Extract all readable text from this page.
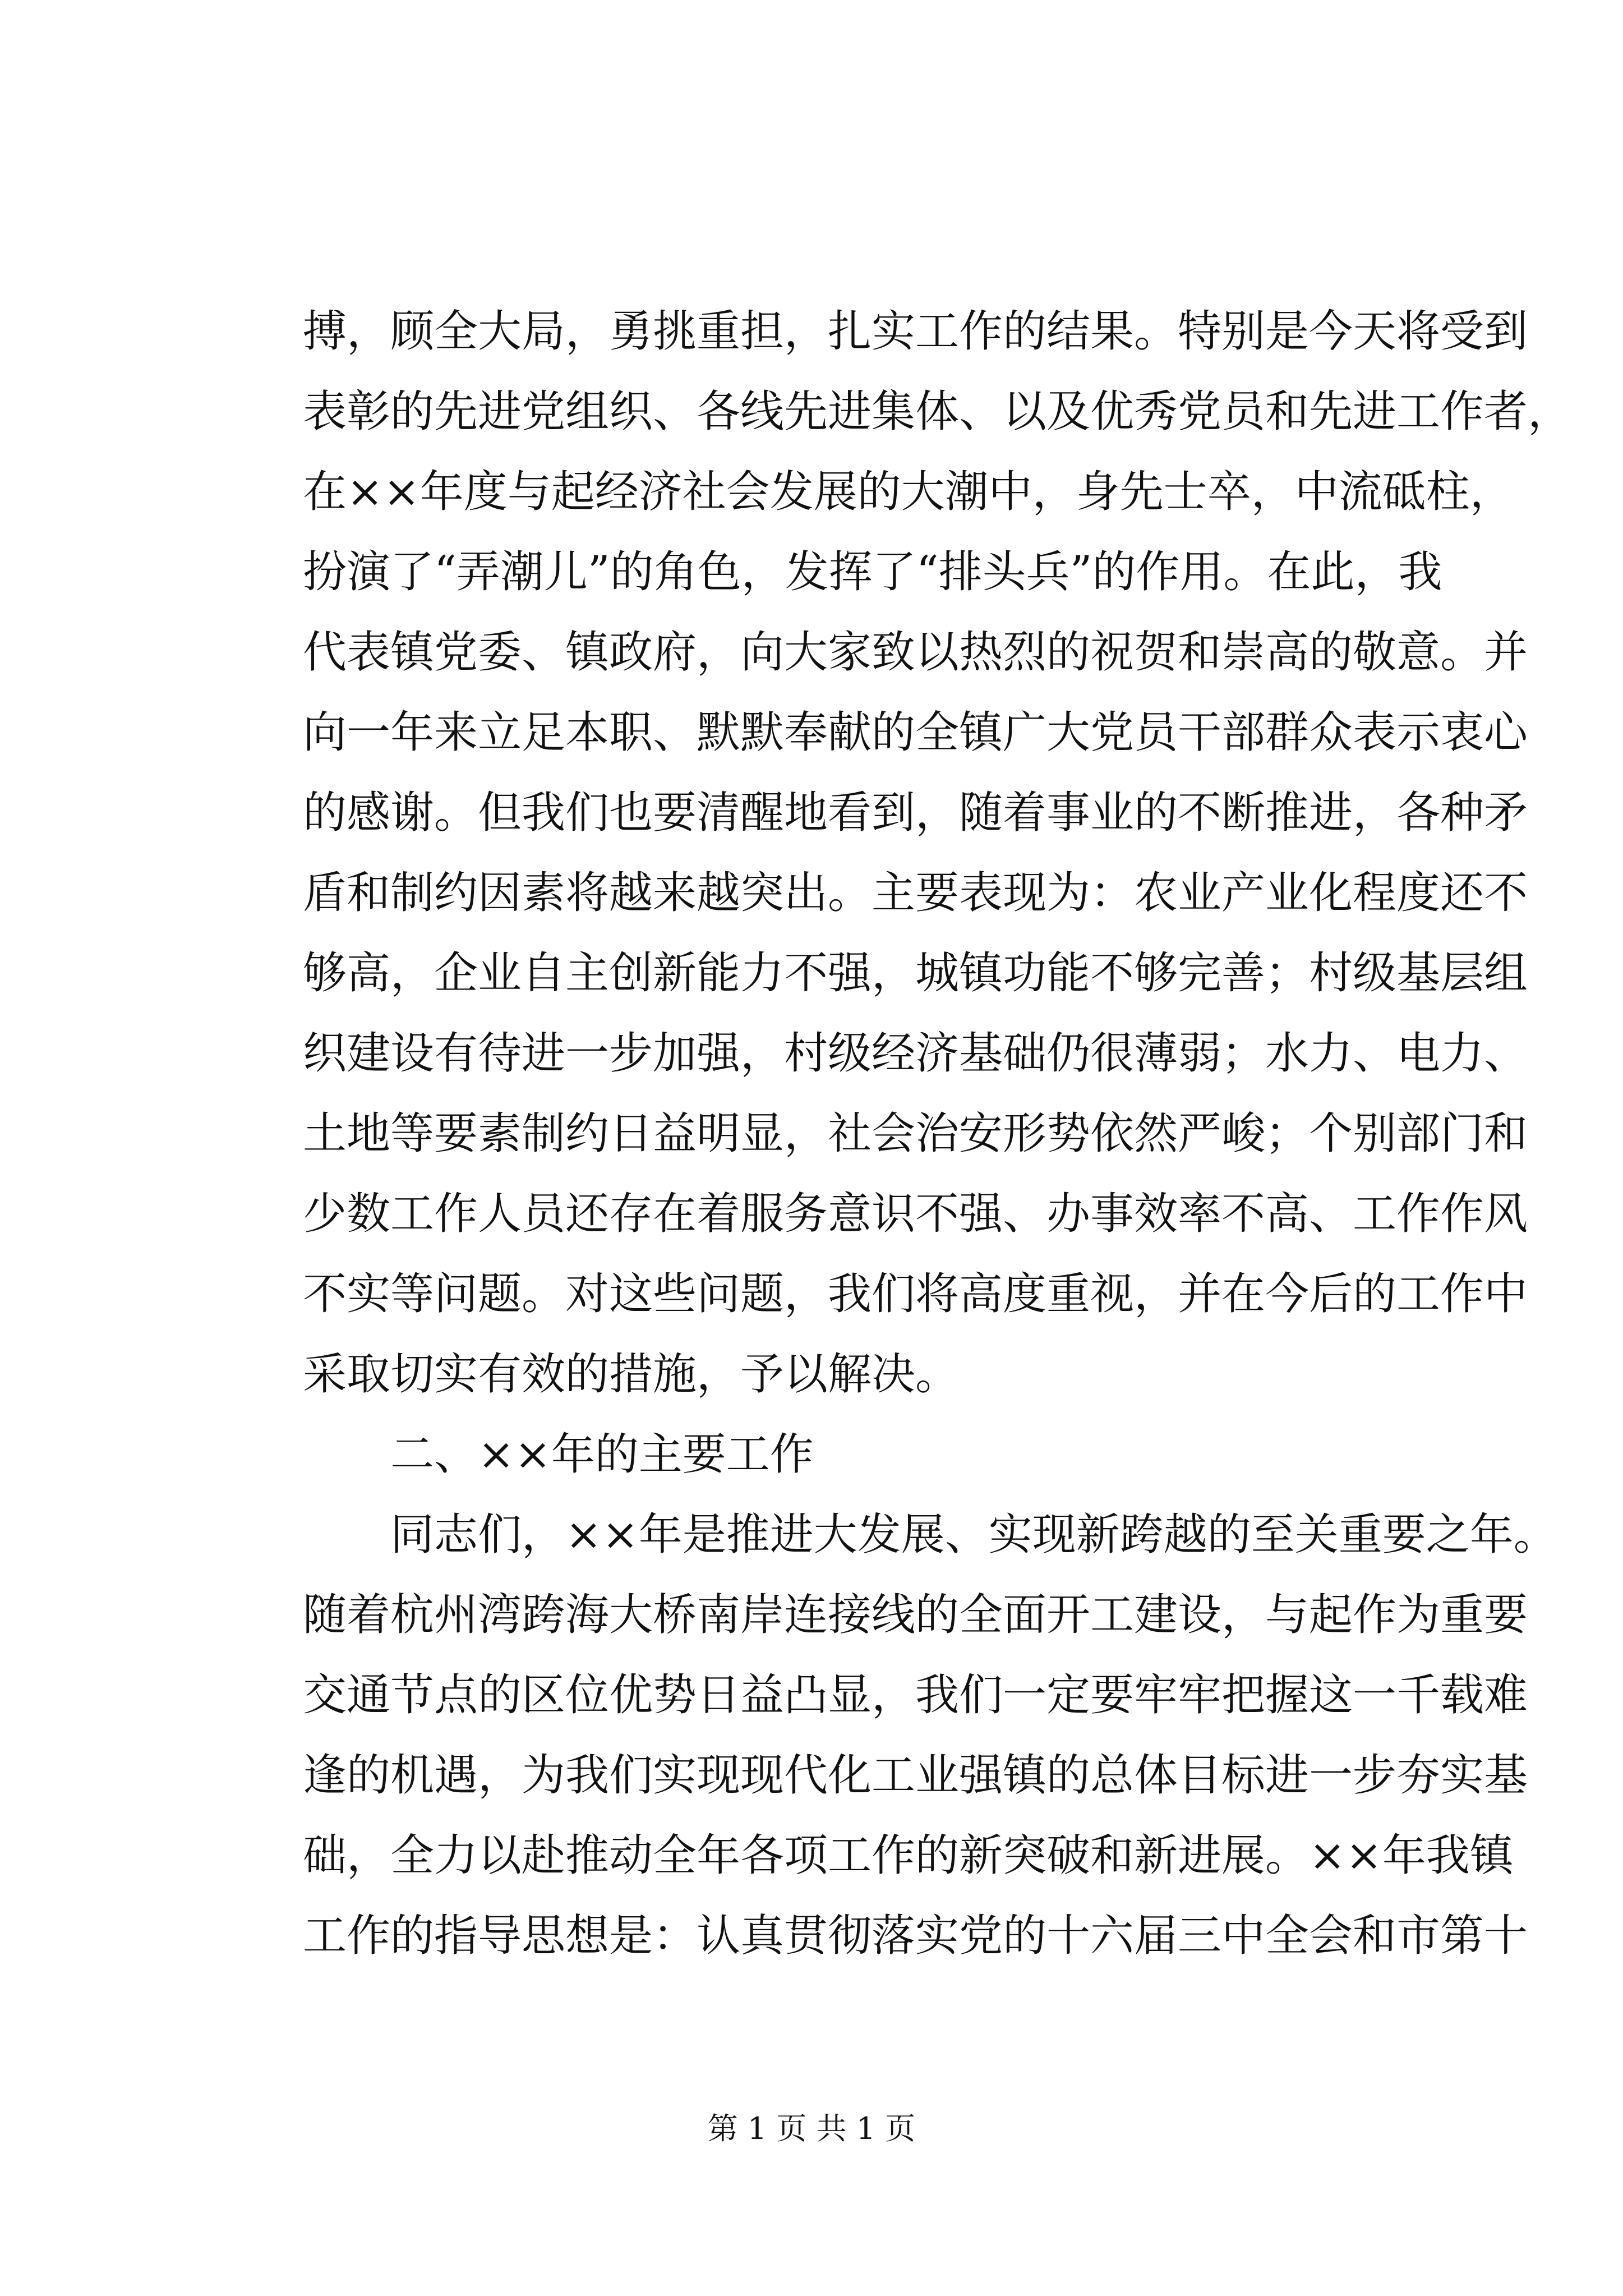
搏，顾全大局，勇挑重担，扎实工作的结果。特别是今天将受到
表彰的先进党组织、各线先进集体、以及优秀党员和先进工作者，
在××年度与起经济社会发展的大潮中，身先士卒，中流砥柱，
扮演了“弄潮儿”的角色，发挥了“排头兵”的作用。在此，我
代表镇党委、镇政府，向大家致以热烈的祝贺和崇高的敬意。并
向一年来立足本职、默默奉献的全镇广大党员干部群众表示衷心
的感谢。但我们也要清醒地看到，随着事业的不断推进，各种矛
盾和制约因素将越来越突出。主要表现为：农业产业化程度还不
够高，企业自主创新能力不强，城镇功能不够完善；村级基层组
织建设有待进一步加强，村级经济基础仍很薄弱；水力、电力、
土地等要素制约日益明显，社会治安形势依然严峻；个别部门和
少数工作人员还存在着服务意识不强、办事效率不高、工作作风
不实等问题。对这些问题，我们将高度重视，并在今后的工作中
采取切实有效的措施，予以解决。
二、××年的主要工作
同志们，××年是推进大发展、实现新跨越的至关重要之年。
随着杭州湾跨海大桥南岸连接线的全面开工建设，与起作为重要
交通节点的区位优势日益凸显，我们一定要牢牢把握这一千载难
逢的机遇，为我们实现现代化工业强镇的总体目标进一步夯实基
础，全力以赴推动全年各项工作的新突破和新进展。××年我镇
工作的指导思想是：认真贯彻落实党的十六届三中全会和市第十
第 1 页 共 1 页
